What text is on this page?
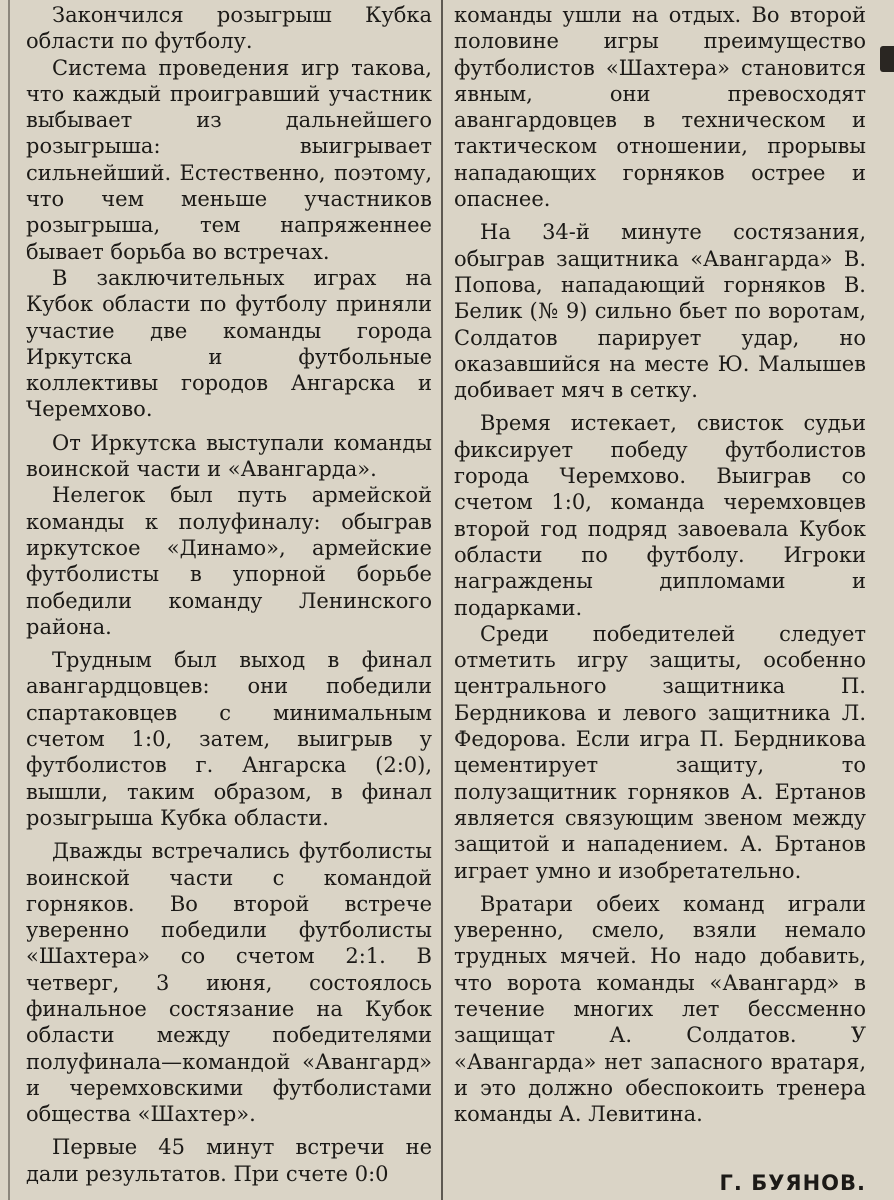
Закончился розыгрыш Кубка области по футболу.

Система проведения игр такова, что каждый проигравший участник выбывает из дальнейшего розыгрыша: выигрывает сильнейший. Естественно, поэтому, что чем меньше участников розыгрыша, тем напряженнее бывает борьба во встречах.

В заключительных играх на Кубок области по футболу приняли участие две команды города Иркутска и футбольные коллективы городов Ангарска и Черемхово.

От Иркутска выступали команды воинской части и «Авангарда».

Нелегок был путь армейской команды к полуфиналу: обыграв иркутское «Динамо», армейские футболисты в упорной борьбе победили команду Ленинского района.

Трудным был выход в финал авангардцовцев: они победили спартаковцев с минимальным счетом 1:0, затем, выигрыв у футболистов г. Ангарска (2:0), вышли, таким образом, в финал розыгрыша Кубка области.

Дважды встречались футболисты воинской части с командой горняков. Во второй встрече уверенно победили футболисты «Шахтера» со счетом 2:1. В четверг, 3 июня, состоялось финальное состязание на Кубок области между победителями полуфинала—командой «Авангард» и черемховскими футболистами общества «Шахтер».

Первые 45 минут встречи не дали результатов. При счете 0:0

команды ушли на отдых. Во второй половине игры преимущество футболистов «Шахтера» становится явным, они превосходят авангардовцев в техническом и тактическом отношении, прорывы нападающих горняков острее и опаснее.

На 34-й минуте состязания, обыграв защитника «Авангарда» В. Попова, нападающий горняков В. Белик (№ 9) сильно бьет по воротам, Солдатов парирует удар, но оказавшийся на месте Ю. Малышев добивает мяч в сетку.

Время истекает, свисток судьи фиксирует победу футболистов города Черемхово. Выиграв со счетом 1:0, команда черемховцев второй год подряд завоевала Кубок области по футболу. Игроки награждены дипломами и подарками.

Среди победителей следует отметить игру защиты, особенно центрального защитника П. Бердникова и левого защитника Л. Федорова. Если игра П. Бердникова цементирует защиту, то полузащитник горняков А. Ертанов является связующим звеном между защитой и нападением. А. Бртанов играет умно и изобретательно.

Вратари обеих команд играли уверенно, смело, взяли немало трудных мячей. Но надо добавить, что ворота команды «Авангард» в течение многих лет бессменно защищат А. Солдатов. У «Авангарда» нет запасного вратаря, и это должно обеспокоить тренера команды А. Левитина.

Г. БУЯНОВ.
